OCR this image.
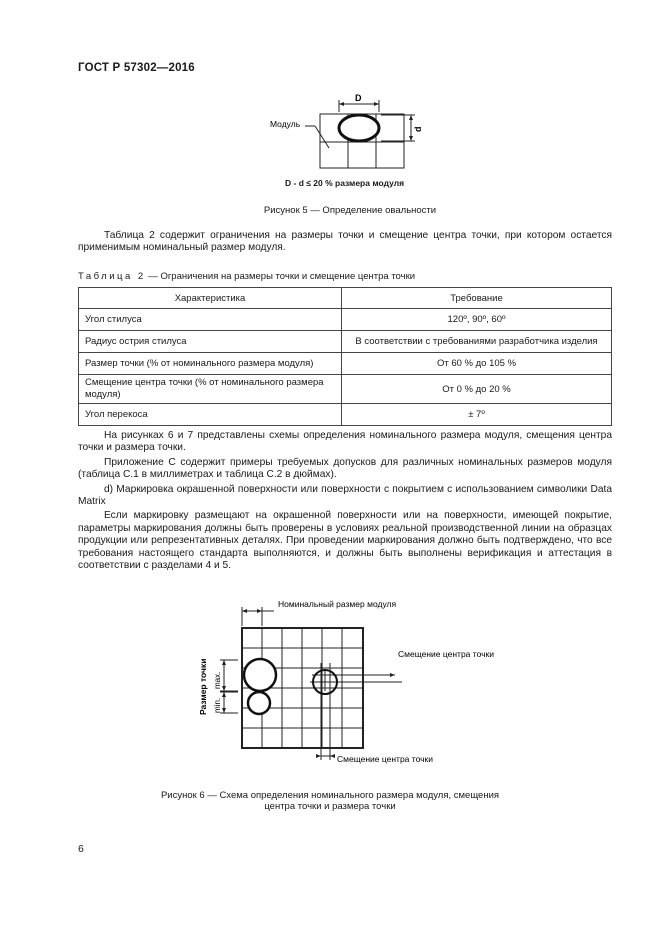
ГОСТ Р 57302—2016
D
d
Модуль
D - d ≤ 20 % размера модуля
Рисунок 5 — Определение овальности
Таблица 2 содержит ограничения на размеры точки и смещение центра точки, при котором остается применимым номинальный размер модуля.
Таблица 2 — Ограничения на размеры точки и смещение центра точки
Характеристика	Требование
Угол стилуса	120º, 90º, 60º
Радиус острия стилуса	В соответствии с требованиями разработчика изделия
Размер точки (% от номинального размера модуля)	От 60 % до 105 %
Смещение центра точки (% от номинального размера модуля)	От 0 % до 20 %
Угол перекоса	± 7º
На рисунках 6 и 7 представлены схемы определения номинального размера модуля, смещения центра точки и размера точки.
Приложение С содержит примеры требуемых допусков для различных номинальных размеров модуля (таблица С.1 в миллиметрах и таблица С.2 в дюймах).
d) Маркировка окрашенной поверхности или поверхности с покрытием с использованием символики Data Matrix
Если маркировку размещают на окрашенной поверхности или на поверхности, имеющей покрытие, параметры маркирования должны быть проверены в условиях реальной производственной линии на образцах продукции или репрезентативных деталях. При проведении маркирования должно быть подтверждено, что все требования настоящего стандарта выполняются, и должны быть выполнены верификация и аттестация в соответствии с разделами 4 и 5.
Номинальный размер модуля
Смещение центра точки
Смещение центра точки
Размер точки max.
min.
Рисунок 6 — Схема определения номинального размера модуля, смещения
центра точки и размера точки
6
